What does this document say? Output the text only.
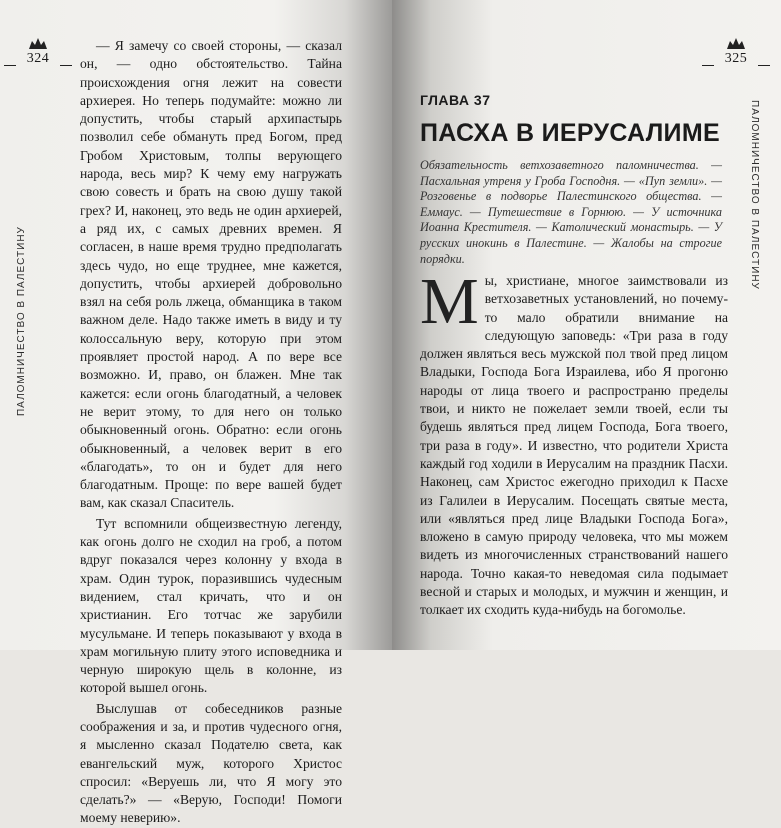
324
ПАЛОМНИЧЕСТВО В ПАЛЕСТИНУ

— Я замечу со своей стороны, — сказал он, — одно обстоятельство. Тайна происхождения огня лежит на совести архиерея. Но теперь подумайте: можно ли допустить, чтобы старый архипастырь позволил себе обмануть пред Богом, пред Гробом Христовым, толпы верующего народа, весь мир? К чему ему нагружать свою совесть и брать на свою душу такой грех? И, наконец, это ведь не один архиерей, а ряд их, с самых древних времен. Я согласен, в наше время трудно предполагать здесь чудо, но еще труднее, мне кажется, допустить, чтобы архиерей добровольно взял на себя роль лжеца, обманщика в таком важном деле. Надо также иметь в виду и ту колоссальную веру, которую при этом проявляет простой народ. А по вере все возможно. И, право, он блажен. Мне так кажется: если огонь благодатный, а человек не верит этому, то для него он только обыкновенный огонь. Обратно: если огонь обыкновенный, а человек верит в его «благодать», то он и будет для него благодатным. Проще: по вере вашей будет вам, как сказал Спаситель.

Тут вспомнили общеизвестную легенду, как огонь долго не сходил на гроб, а потом вдруг показался через колонну у входа в храм. Один турок, поразившись чудесным видением, стал кричать, что и он христианин. Его тотчас же зарубили мусульмане. И теперь показывают у входа в храм могильную плиту этого исповедника и черную широкую щель в колонне, из которой вышел огонь.

Выслушав от собеседников разные соображения и за, и против чудесного огня, я мысленно сказал Подателю света, как евангельский муж, которого Христос спросил: «Веруешь ли, что Я могу это сделать?» — «Верую, Господи! Помоги моему неверию».

325
ПАЛОМНИЧЕСТВО В ПАЛЕСТИНУ
ГЛАВА 37
ПАСХА В ИЕРУСАЛИМЕ
Обязательность ветхозаветного паломничества. — Пасхальная утреня у Гроба Господня. — «Пуп земли». — Розговенье в подворье Палестинского общества. — Еммаус. — Путешествие в Горнюю. — У источника Иоанна Крестителя. — Католический монастырь. — У русских инокинь в Палестине. — Жалобы на строгие порядки.

М ы, христиане, многое заимствовали из ветхозаветных установлений, но почему-то мало обратили внимание на следующую заповедь: «Три раза в году должен являться весь мужской пол твой пред лицом Владыки, Господа Бога Израилева, ибо Я прогоню народы от лица твоего и распространю пределы твои, и никто не пожелает земли твоей, если ты будешь являться пред лицем Господа, Бога твоего, три раза в году». И известно, что родители Христа каждый год ходили в Иерусалим на праздник Пасхи. Наконец, сам Христос ежегодно приходил к Пасхе из Галилеи в Иерусалим. Посещать святые места, или «являться пред лице Владыки Господа Бога», вложено в самую природу человека, что мы можем видеть из многочисленных странствований нашего народа. Точно какая-то неведомая сила подымает весной и старых и молодых, и мужчин и женщин, и толкает их сходить куда-нибудь на богомолье.
